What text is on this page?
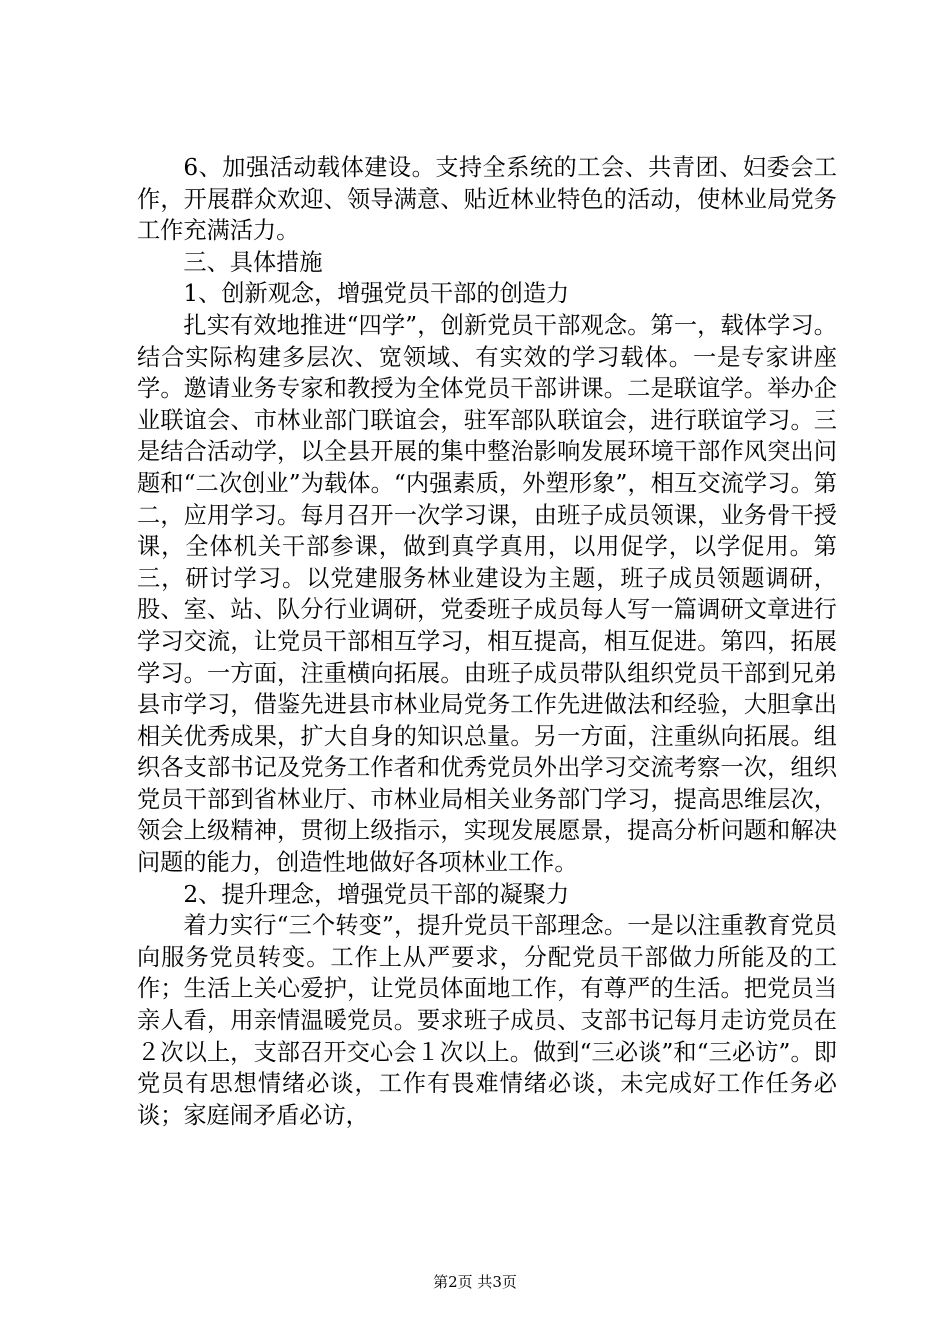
6、加强活动载体建设。支持全系统的工会、共青团、妇委会工作，开展群众欢迎、领导满意、贴近林业特色的活动，使林业局党务工作充满活力。

三、具体措施

1、创新观念，增强党员干部的创造力

扎实有效地推进“四学”，创新党员干部观念。第一，载体学习。结合实际构建多层次、宽领域、有实效的学习载体。一是专家讲座学。邀请业务专家和教授为全体党员干部讲课。二是联谊学。举办企业联谊会、市林业部门联谊会，驻军部队联谊会，进行联谊学习。三是结合活动学，以全县开展的集中整治影响发展环境干部作风突出问题和“二次创业”为载体。“内强素质，外塑形象”，相互交流学习。第二，应用学习。每月召开一次学习课，由班子成员领课，业务骨干授课，全体机关干部参课，做到真学真用，以用促学，以学促用。第三，研讨学习。以党建服务林业建设为主题，班子成员领题调研，股、室、站、队分行业调研，党委班子成员每人写一篇调研文章进行学习交流，让党员干部相互学习，相互提高，相互促进。第四，拓展学习。一方面，注重横向拓展。由班子成员带队组织党员干部到兄弟县市学习，借鉴先进县市林业局党务工作先进做法和经验，大胆拿出相关优秀成果，扩大自身的知识总量。另一方面，注重纵向拓展。组织各支部书记及党务工作者和优秀党员外出学习交流考察一次，组织党员干部到省林业厅、市林业局相关业务部门学习，提高思维层次，领会上级精神，贯彻上级指示，实现发展愿景，提高分析问题和解决问题的能力，创造性地做好各项林业工作。

2、提升理念，增强党员干部的凝聚力

着力实行“三个转变”，提升党员干部理念。一是以注重教育党员向服务党员转变。工作上从严要求，分配党员干部做力所能及的工作；生活上关心爱护，让党员体面地工作，有尊严的生活。把党员当亲人看，用亲情温暖党员。要求班子成员、支部书记每月走访党员在２次以上，支部召开交心会１次以上。做到“三必谈”和“三必访”。即党员有思想情绪必谈，工作有畏难情绪必谈，未完成好工作任务必谈；家庭闹矛盾必访，

第2页 共3页
